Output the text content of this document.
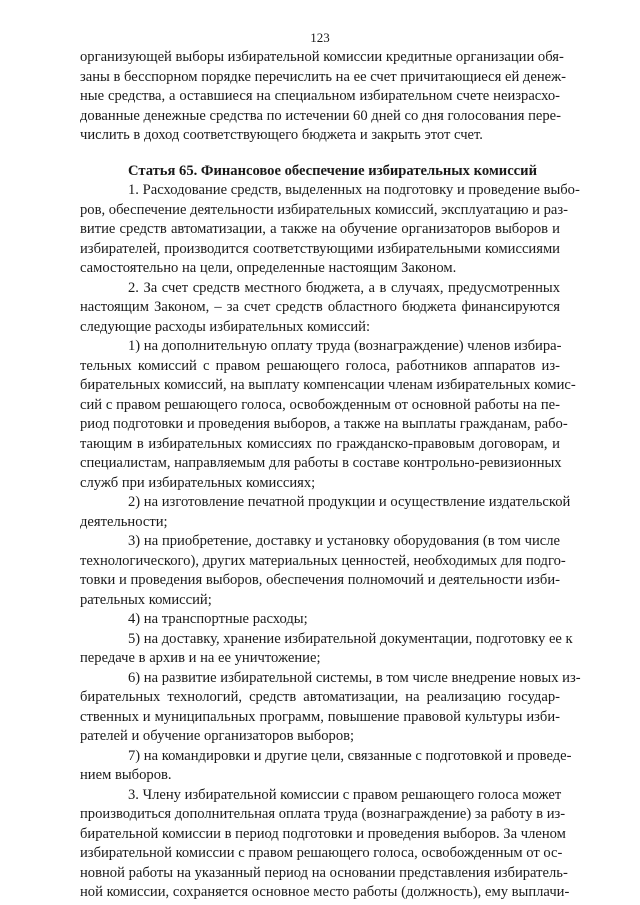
123
организующей выборы избирательной комиссии кредитные организации обя-
заны в бесспорном порядке перечислить на ее счет причитающиеся ей денеж-
ные средства, а оставшиеся на специальном избирательном счете неизрасхо-
дованные денежные средства по истечении 60 дней со дня голосования пере-
числить в доход соответствующего бюджета и закрыть этот счет.
Статья 65. Финансовое обеспечение избирательных комиссий
1. Расходование средств, выделенных на подготовку и проведение выбо-
ров, обеспечение деятельности избирательных комиссий, эксплуатацию и раз-
витие средств автоматизации, а также на обучение организаторов выборов и
избирателей, производится соответствующими избирательными комиссиями
самостоятельно на цели, определенные настоящим Законом.
2. За счет средств местного бюджета, а в случаях, предусмотренных
настоящим Законом, – за счет средств областного бюджета финансируются
следующие расходы избирательных комиссий:
1) на дополнительную оплату труда (вознаграждение) членов избира-
тельных комиссий с правом решающего голоса, работников аппаратов из-
бирательных комиссий, на выплату компенсации членам избирательных комис-
сий с правом решающего голоса, освобожденным от основной работы на пе-
риод подготовки и проведения выборов, а также на выплаты гражданам, рабо-
тающим в избирательных комиссиях по гражданско-правовым договорам, и
специалистам, направляемым для работы в составе контрольно-ревизионных
служб при избирательных комиссиях;
2) на изготовление печатной продукции и осуществление издательской
деятельности;
3) на приобретение, доставку и установку оборудования (в том числе
технологического), других материальных ценностей, необходимых для подго-
товки и проведения выборов, обеспечения полномочий и деятельности изби-
рательных комиссий;
4) на транспортные расходы;
5) на доставку, хранение избирательной документации, подготовку ее к
передаче в архив и на ее уничтожение;
6) на развитие избирательной системы, в том числе внедрение новых из-
бирательных технологий, средств автоматизации, на реализацию государ-
ственных и муниципальных программ, повышение правовой культуры изби-
рателей и обучение организаторов выборов;
7) на командировки и другие цели, связанные с подготовкой и проведе-
нием выборов.
3. Члену избирательной комиссии с правом решающего голоса может
производиться дополнительная оплата труда (вознаграждение) за работу в из-
бирательной комиссии в период подготовки и проведения выборов. За членом
избирательной комиссии с правом решающего голоса, освобожденным от ос-
новной работы на указанный период на основании представления избиратель-
ной комиссии, сохраняется основное место работы (должность), ему выплачи-
